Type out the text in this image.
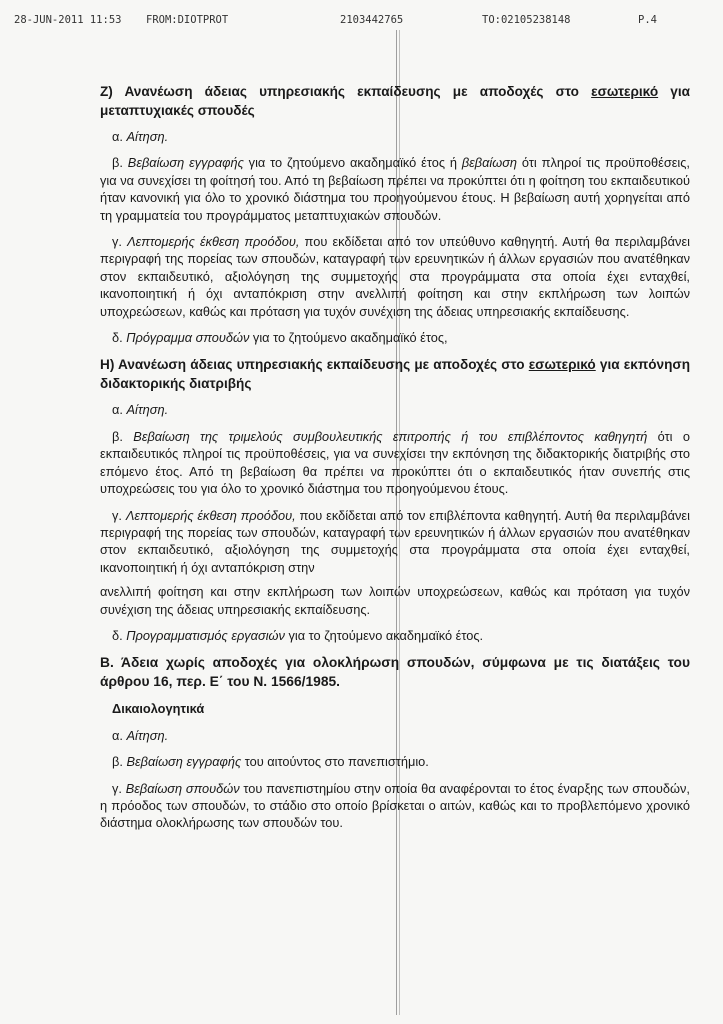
28-JUN-2011 11:53 FROM:DIOTPROT	2103442765	TO:02105238148	P.4

Ζ) Ανανέωση άδειας υπηρεσιακής εκπαίδευσης με αποδοχές στο εσωτερικό για μεταπτυχιακές σπουδές

α. Αίτηση.

β. Βεβαίωση εγγραφής για το ζητούμενο ακαδημαϊκό έτος ή βεβαίωση ότι πληροί τις προϋποθέσεις, για να συνεχίσει τη φοίτησή του. Από τη βεβαίωση πρέπει να προκύπτει ότι η φοίτηση του εκπαιδευτικού ήταν κανονική για όλο το χρονικό διάστημα του προηγούμενου έτους. Η βεβαίωση αυτή χορηγείται από τη γραμματεία του προγράμματος μεταπτυχιακών σπουδών.

γ. Λεπτομερής έκθεση προόδου, που εκδίδεται από τον υπεύθυνο καθηγητή. Αυτή θα περιλαμβάνει περιγραφή της πορείας των σπουδών, καταγραφή των ερευνητικών ή άλλων εργασιών που ανατέθηκαν στον εκπαιδευτικό, αξιολόγηση της συμμετοχής στα προγράμματα στα οποία έχει ενταχθεί, ικανοποιητική ή όχι ανταπόκριση στην ανελλιπή φοίτηση και στην εκπλήρωση των λοιπών υποχρεώσεων, καθώς και πρόταση για τυχόν συνέχιση της άδειας υπηρεσιακής εκπαίδευσης.

δ. Πρόγραμμα σπουδών για το ζητούμενο ακαδημαϊκό έτος,

Η) Ανανέωση άδειας υπηρεσιακής εκπαίδευσης με αποδοχές στο εσωτερικό για εκπόνηση διδακτορικής διατριβής

α. Αίτηση.

β. Βεβαίωση της τριμελούς συμβουλευτικής επιτροπής ή του επιβλέποντος καθηγητή ότι ο εκπαιδευτικός πληροί τις προϋποθέσεις, για να συνεχίσει την εκπόνηση της διδακτορικής διατριβής στο επόμενο έτος. Από τη βεβαίωση θα πρέπει να προκύπτει ότι ο εκπαιδευτικός ήταν συνεπής στις υποχρεώσεις του για όλο το χρονικό διάστημα του προηγούμενου έτους.

γ. Λεπτομερής έκθεση προόδου, που εκδίδεται από τον επιβλέποντα καθηγητή. Αυτή θα περιλαμβάνει περιγραφή της πορείας των σπουδών, καταγραφή των ερευνητικών ή άλλων εργασιών που ανατέθηκαν στον εκπαιδευτικό, αξιολόγηση της συμμετοχής στα προγράμματα στα οποία έχει ενταχθεί, ικανοποιητική ή όχι ανταπόκριση στην

ανελλιπή φοίτηση και στην εκπλήρωση των λοιπών υποχρεώσεων, καθώς και πρόταση για τυχόν συνέχιση της άδειας υπηρεσιακής εκπαίδευσης.

δ. Προγραμματισμός εργασιών για το ζητούμενο ακαδημαϊκό έτος.

Β. Άδεια χωρίς αποδοχές για ολοκλήρωση σπουδών, σύμφωνα με τις διατάξεις του άρθρου 16, περ. Ε΄ του Ν. 1566/1985.

Δικαιολογητικά

α. Αίτηση.

β. Βεβαίωση εγγραφής του αιτούντος στο πανεπιστήμιο.

γ. Βεβαίωση σπουδών του πανεπιστημίου στην οποία θα αναφέρονται το έτος έναρξης των σπουδών, η πρόοδος των σπουδών, το στάδιο στο οποίο βρίσκεται ο αιτών, καθώς και το προβλεπόμενο χρονικό διάστημα ολοκλήρωσης των σπουδών του.
